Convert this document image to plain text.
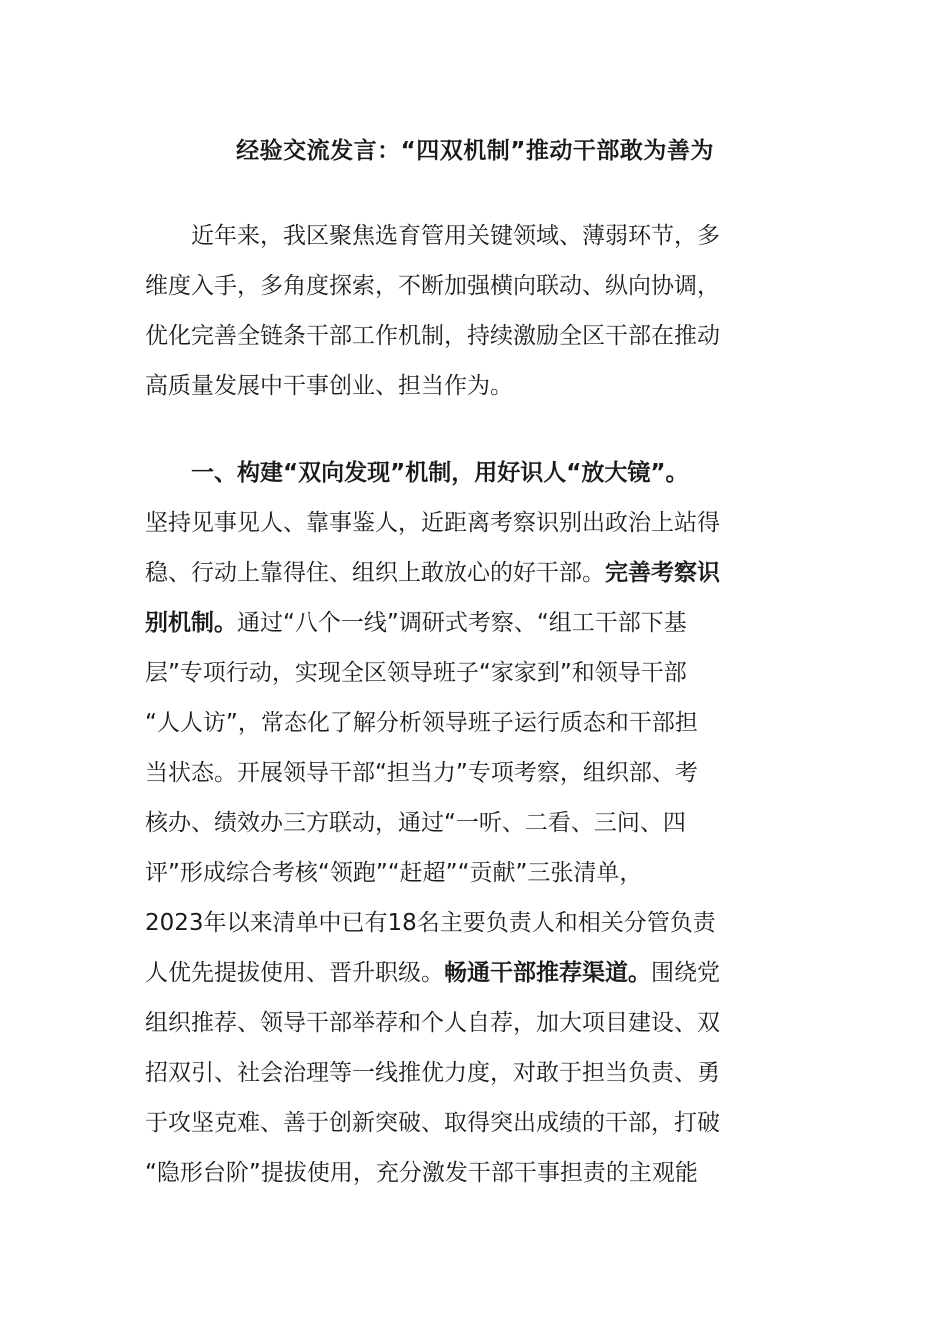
经验交流发言：“四双机制”推动干部敢为善为
　　近年来，我区聚焦选育管用关键领域、薄弱环节，多
维度入手，多角度探索，不断加强横向联动、纵向协调，
优化完善全链条干部工作机制，持续激励全区干部在推动
高质量发展中干事创业、担当作为。
　　一、构建“双向发现”机制，用好识人“放大镜”。
坚持见事见人、靠事鉴人，近距离考察识别出政治上站得
稳、行动上靠得住、组织上敢放心的好干部。完善考察识
别机制。通过“八个一线”调研式考察、“组工干部下基
层”专项行动，实现全区领导班子“家家到”和领导干部
“人人访”，常态化了解分析领导班子运行质态和干部担
当状态。开展领导干部“担当力”专项考察，组织部、考
核办、绩效办三方联动，通过“一听、二看、三问、四
评”形成综合考核“领跑”“赶超”“贡献”三张清单，
2023年以来清单中已有18名主要负责人和相关分管负责
人优先提拔使用、晋升职级。畅通干部推荐渠道。围绕党
组织推荐、领导干部举荐和个人自荐，加大项目建设、双
招双引、社会治理等一线推优力度，对敢于担当负责、勇
于攻坚克难、善于创新突破、取得突出成绩的干部，打破
“隐形台阶”提拔使用，充分激发干部干事担责的主观能
